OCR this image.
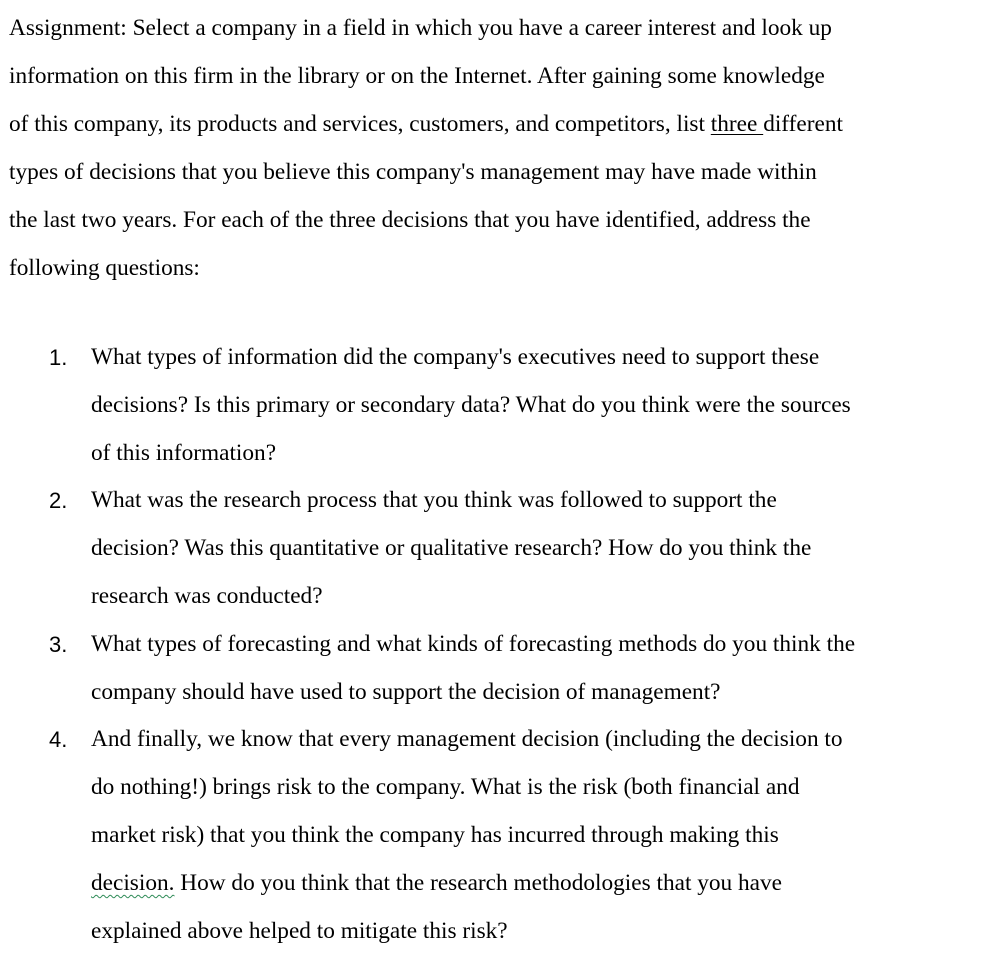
Assignment: Select a company in a field in which you have a career interest and look up
information on this firm in the library or on the Internet. After gaining some knowledge
of this company, its products and services, customers, and competitors, list three different
types of decisions that you believe this company's management may have made within
the last two years. For each of the three decisions that you have identified, address the
following questions:
1. What types of information did the company's executives need to support these
decisions? Is this primary or secondary data? What do you think were the sources
of this information?
2. What was the research process that you think was followed to support the
decision? Was this quantitative or qualitative research? How do you think the
research was conducted?
3. What types of forecasting and what kinds of forecasting methods do you think the
company should have used to support the decision of management?
4. And finally, we know that every management decision (including the decision to
do nothing!) brings risk to the company. What is the risk (both financial and
market risk) that you think the company has incurred through making this
decision. How do you think that the research methodologies that you have
explained above helped to mitigate this risk?
